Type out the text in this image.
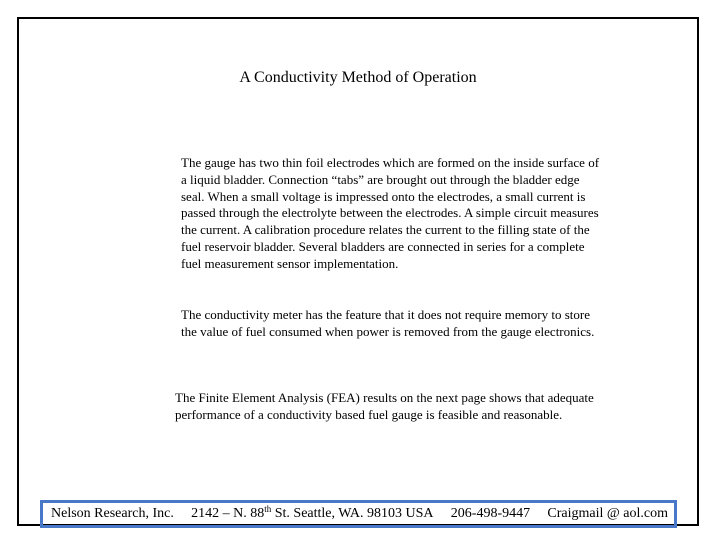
A Conductivity Method of Operation

The gauge has two thin foil electrodes which are formed on the inside surface of a liquid bladder. Connection “tabs” are brought out through the bladder edge seal. When a small voltage is impressed onto the electrodes, a small current is passed through the electrolyte between the electrodes. A simple circuit measures the current. A calibration procedure relates the current to the filling state of the fuel reservoir bladder. Several bladders are connected in series for a complete fuel measurement sensor implementation.

The conductivity meter has the feature that it does not require memory to store the value of fuel consumed when power is removed from the gauge electronics.

The Finite Element Analysis (FEA) results on the next page shows that adequate performance of a conductivity based fuel gauge is feasible and reasonable.

Nelson Research, Inc. 2142 – N. 88th St. Seattle, WA. 98103 USA 206-498-9447 Craigmail @ aol.com
